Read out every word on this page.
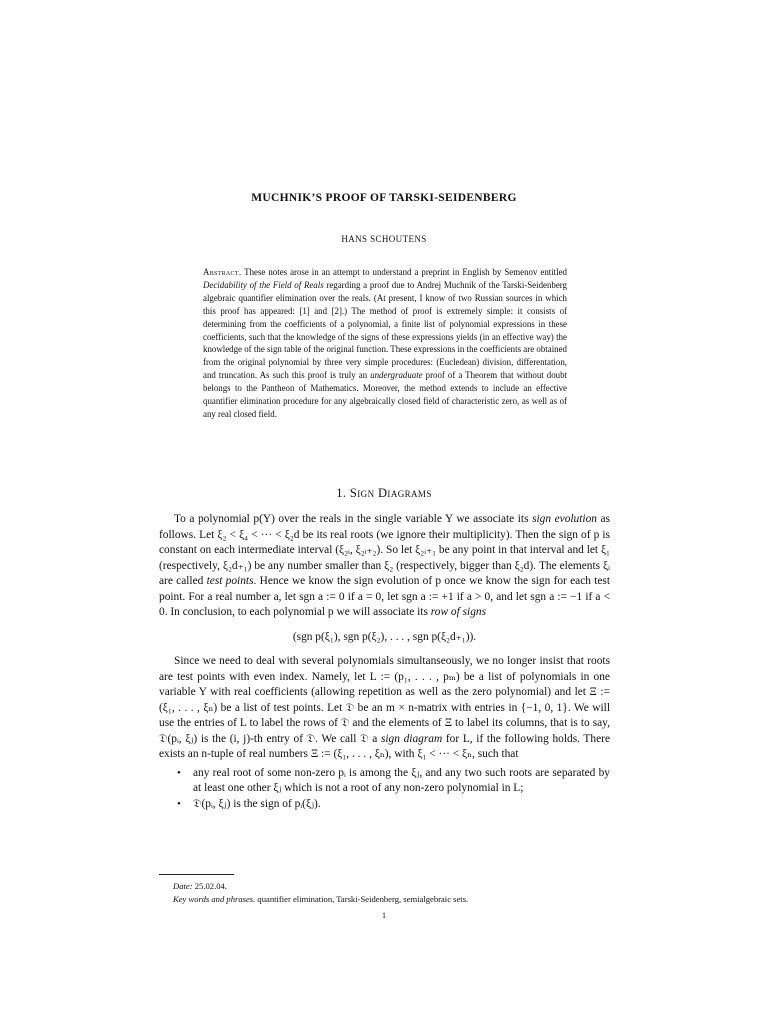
MUCHNIK’S PROOF OF TARSKI-SEIDENBERG
HANS SCHOUTENS
Abstract. These notes arose in an attempt to understand a preprint in English by Semenov entitled Decidability of the Field of Reals regarding a proof due to Andrej Muchnik of the Tarski-Seidenberg algebraic quantifier elimination over the reals. (At present, I know of two Russian sources in which this proof has appeared: [1] and [2].) The method of proof is extremely simple: it consists of determining from the coefficients of a polynomial, a finite list of polynomial expressions in these coefficients, such that the knowledge of the signs of these expressions yields (in an effective way) the knowledge of the sign table of the original function. These expressions in the coefficients are obtained from the original polynomial by three very simple procedures: (Eucledean) division, differentation, and truncation. As such this proof is truly an undergraduate proof of a Theorem that without doubt belongs to the Pantheon of Mathematics. Moreover, the method extends to include an effective quantifier elimination procedure for any algebraically closed field of characteristic zero, as well as of any real closed field.
1. Sign Diagrams

To a polynomial p(Y) over the reals in the single variable Y we associate its sign evolution as follows. Let ξ₂ < ξ₄ < ··· < ξ₂d be its real roots (we ignore their multiplicity). Then the sign of p is constant on each intermediate interval (ξ₂ᵢ, ξ₂ᵢ₊₂). So let ξ₂ᵢ₊₁ be any point in that interval and let ξ₁ (respectively, ξ₂d₊₁) be any number smaller than ξ₂ (respectively, bigger than ξ₂d). The elements ξᵢ are called test points. Hence we know the sign evolution of p once we know the sign for each test point. For a real number a, let sgn a := 0 if a = 0, let sgn a := +1 if a > 0, and let sgn a := −1 if a < 0. In conclusion, to each polynomial p we will associate its row of signs

(sgn p(ξ₁), sgn p(ξ₂), . . . , sgn p(ξ₂d₊₁)).

Since we need to deal with several polynomials simultanseously, we no longer insist that roots are test points with even index. Namely, let L := (p₁, . . . , pₘ) be a list of polynomials in one variable Y with real coefficients (allowing repetition as well as the zero polynomial) and let Ξ := (ξ₁, . . . , ξₙ) be a list of test points. Let 𝔇 be an m × n-matrix with entries in {−1, 0, 1}. We will use the entries of L to label the rows of 𝔇 and the elements of Ξ to label its columns, that is to say, 𝔇(pᵢ, ξⱼ) is the (i, j)-th entry of 𝔇. We call 𝔇 a sign diagram for L, if the following holds. There exists an n-tuple of real numbers Ξ := (ξ₁, . . . , ξₙ), with ξ₁ < ··· < ξₙ, such that

• any real root of some non-zero pᵢ is among the ξⱼ, and any two such roots are separated by at least one other ξⱼ which is not a root of any non-zero polynomial in L;
• 𝔇(pᵢ, ξⱼ) is the sign of pᵢ(ξⱼ).

Date: 25.02.04.

Key words and phrases. quantifier elimination, Tarski-Seidenberg, semialgebraic sets.

1
